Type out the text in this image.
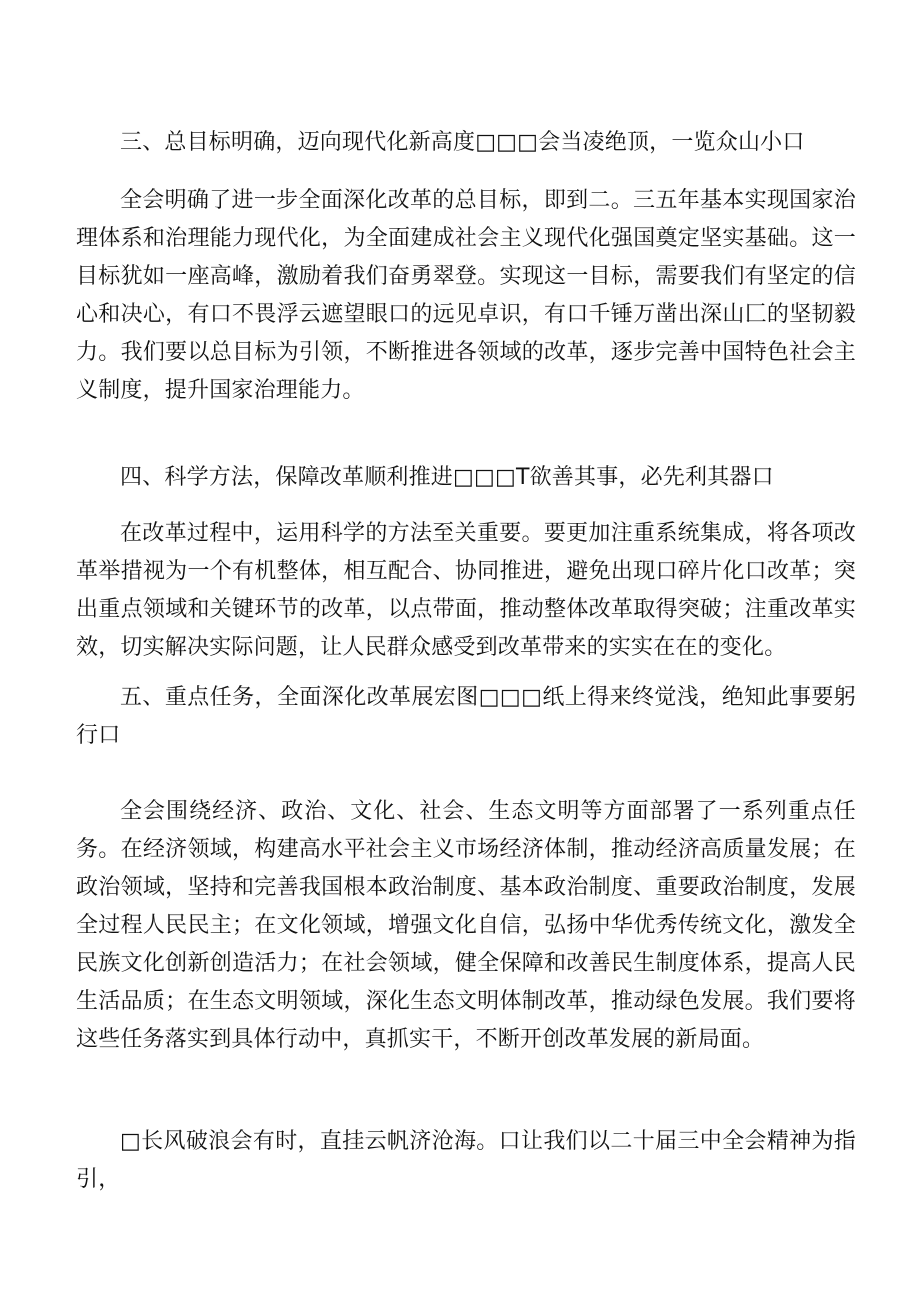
三、总目标明确，迈向现代化新高度□□□会当凌绝顶，一览众山小口

全会明确了进一步全面深化改革的总目标，即到二。三五年基本实现国家治理体系和治理能力现代化，为全面建成社会主义现代化强国奠定坚实基础。这一目标犹如一座高峰，激励着我们奋勇翠登。实现这一目标，需要我们有坚定的信心和决心，有口不畏浮云遮望眼口的远见卓识，有口千锤万凿出深山匚的坚韧毅力。我们要以总目标为引领，不断推进各领域的改革，逐步完善中国特色社会主义制度，提升国家治理能力。

四、科学方法，保障改革顺利推进□□□T欲善其事，必先利其器口

在改革过程中，运用科学的方法至关重要。要更加注重系统集成，将各项改革举措视为一个有机整体，相互配合、协同推进，避免出现口碎片化口改革；突出重点领域和关键环节的改革，以点带面，推动整体改革取得突破；注重改革实效，切实解决实际问题，让人民群众感受到改革带来的实实在在的变化。

五、重点任务，全面深化改革展宏图□□□纸上得来终觉浅，绝知此事要躬行口

全会围绕经济、政治、文化、社会、生态文明等方面部署了一系列重点任务。在经济领域，构建高水平社会主义市场经济体制，推动经济高质量发展；在政治领域，坚持和完善我国根本政治制度、基本政治制度、重要政治制度，发展全过程人民民主；在文化领域，增强文化自信，弘扬中华优秀传统文化，激发全民族文化创新创造活力；在社会领域，健全保障和改善民生制度体系，提高人民生活品质；在生态文明领域，深化生态文明体制改革，推动绿色发展。我们要将这些任务落实到具体行动中，真抓实干，不断开创改革发展的新局面。

□长风破浪会有时，直挂云帆济沧海。口让我们以二十届三中全会精神为指引，
